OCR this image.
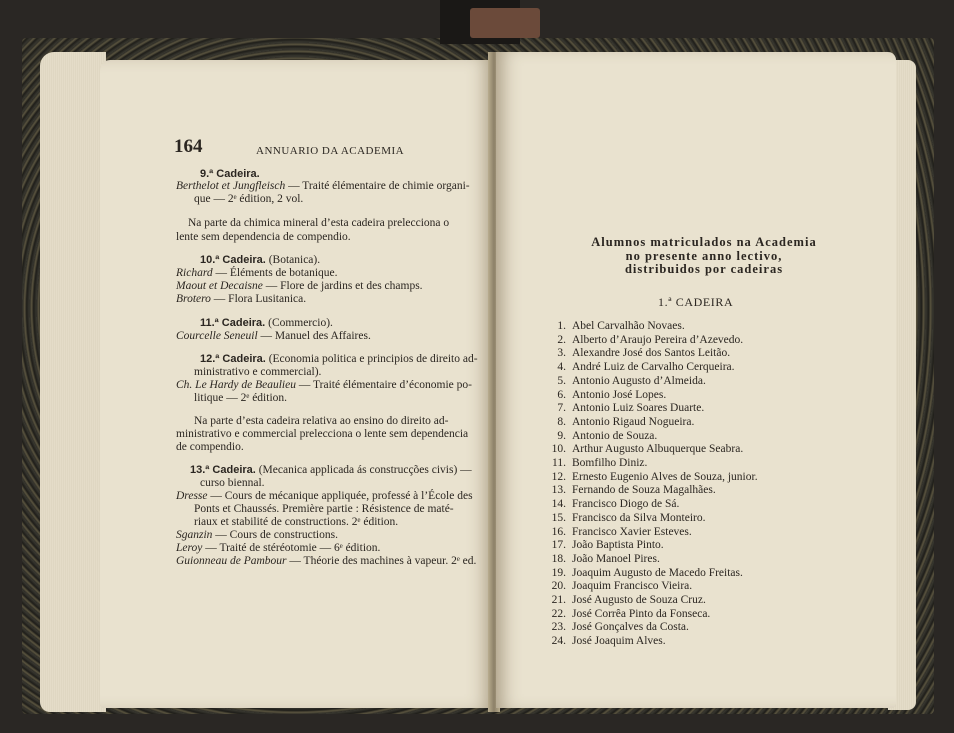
164	ANNUARIO DA ACADEMIA
9.ª Cadeira.
Berthelot et Jungfleisch — Traité élémentaire de chimie organi-
que — 2ᵉ édition, 2 vol.
Na parte da chimica mineral d’esta cadeira prelecciona o
lente sem dependencia de compendio.
10.ª Cadeira. (Botanica).
Richard — Éléments de botanique.
Maout et Decaisne — Flore de jardins et des champs.
Brotero — Flora Lusitanica.
11.ª Cadeira. (Commercio).
Courcelle Seneuil — Manuel des Affaires.
12.ª Cadeira. (Economia politica e principios de direito ad-
ministrativo e commercial).
Ch. Le Hardy de Beaulieu — Traité élémentaire d’économie po-
litique — 2ᵉ édition.
Na parte d’esta cadeira relativa ao ensino do direito ad-
ministrativo e commercial prelecciona o lente sem dependencia
de compendio.
13.ª Cadeira. (Mecanica applicada ás construcções civis) —
curso biennal.
Dresse — Cours de mécanique appliquée, professé à l’École des
Ponts et Chaussés. Première partie : Résistence de maté-
riaux et stabilité de constructions. 2ᵉ édition.
Sganzin — Cours de constructions.
Leroy — Traité de stéréotomie — 6ᵉ édition.
Guionneau de Pambour — Théorie des machines à vapeur. 2ᵉ ed.
Alumnos matriculados na Academia
no presente anno lectivo,
distribuidos por cadeiras
1.ª CADEIRA
1. Abel Carvalhão Novaes.
2. Alberto d’Araujo Pereira d’Azevedo.
3. Alexandre José dos Santos Leitão.
4. André Luiz de Carvalho Cerqueira.
5. Antonio Augusto d’Almeida.
6. Antonio José Lopes.
7. Antonio Luiz Soares Duarte.
8. Antonio Rigaud Nogueira.
9. Antonio de Souza.
10. Arthur Augusto Albuquerque Seabra.
11. Bomfilho Diniz.
12. Ernesto Eugenio Alves de Souza, junior.
13. Fernando de Souza Magalhães.
14. Francisco Diogo de Sá.
15. Francisco da Silva Monteiro.
16. Francisco Xavier Esteves.
17. João Baptista Pinto.
18. João Manoel Pires.
19. Joaquim Augusto de Macedo Freitas.
20. Joaquim Francisco Vieira.
21. José Augusto de Souza Cruz.
22. José Corrêa Pinto da Fonseca.
23. José Gonçalves da Costa.
24. José Joaquim Alves.
